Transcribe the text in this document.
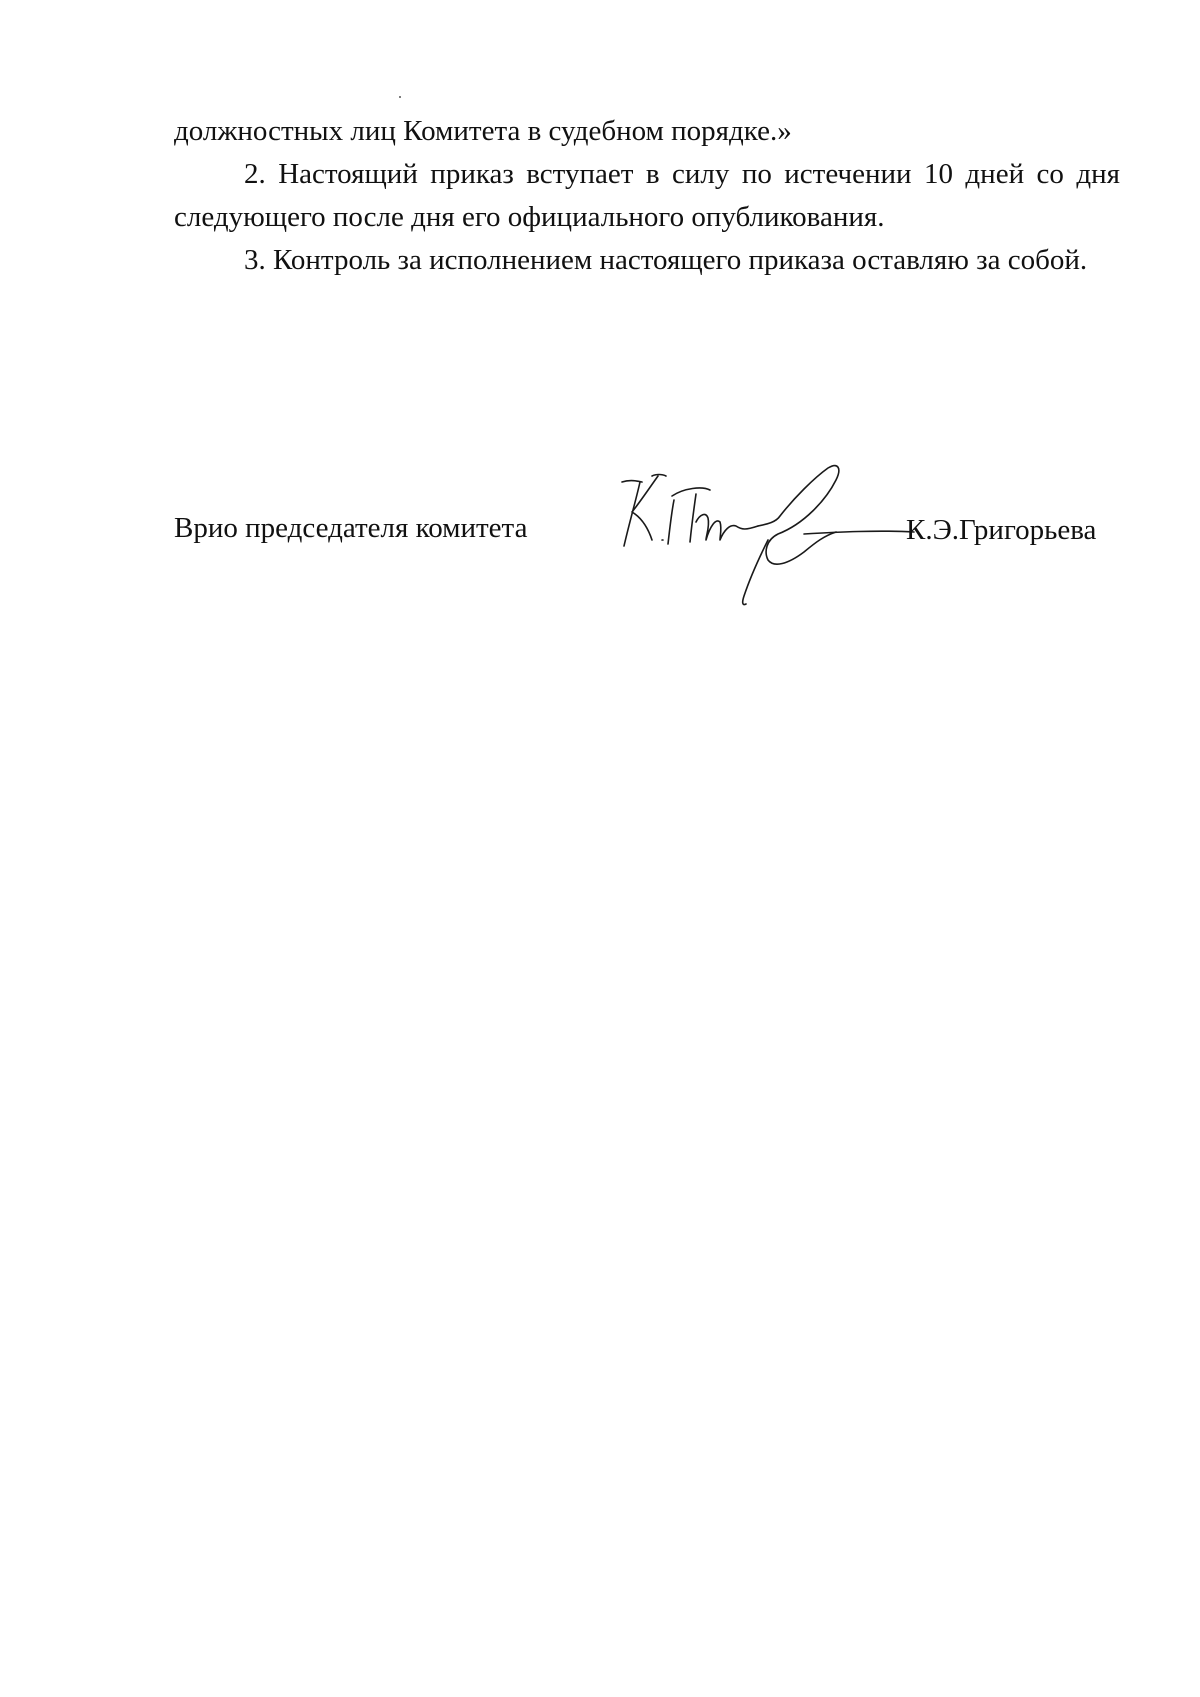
должностных лиц Комитета в судебном порядке.»

2. Настоящий приказ вступает в силу по истечении 10 дней со дня следующего после дня его официального опубликования.

3. Контроль за исполнением настоящего приказа оставляю за собой.

Врио председателя комитета	К.Э.Григорьева
